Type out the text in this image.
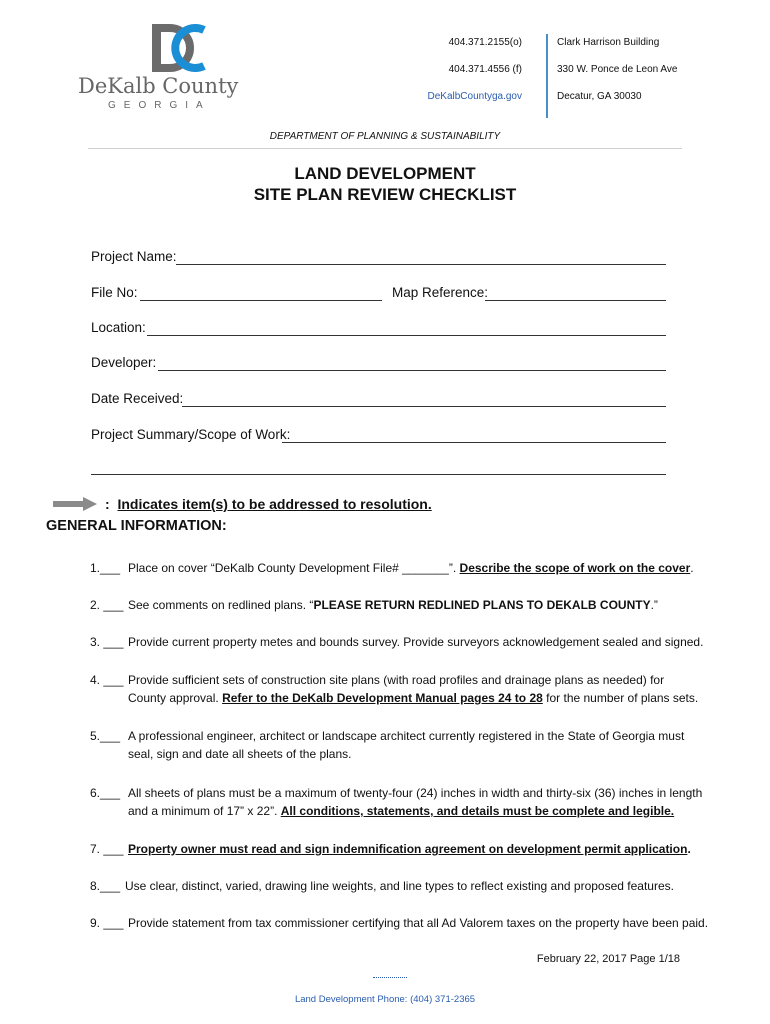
DeKalb County
GEORGIA
404.371.2155(o)
404.371.4556 (f)
DeKalbCountyga.gov
Clark Harrison Building
330 W. Ponce de Leon Ave
Decatur, GA 30030
DEPARTMENT OF PLANNING & SUSTAINABILITY
LAND DEVELOPMENT
SITE PLAN REVIEW CHECKLIST
Project Name:
File No:	Map Reference:
Location:
Developer:
Date Received:
Project Summary/Scope of Work:
: Indicates item(s) to be addressed to resolution.
GENERAL INFORMATION:
1.___ Place on cover “DeKalb County Development File# _______”. Describe the scope of work on the cover.
2. ___ See comments on redlined plans. “PLEASE RETURN REDLINED PLANS TO DEKALB COUNTY.”
3. ___ Provide current property metes and bounds survey. Provide surveyors acknowledgement sealed and signed.
4. ___ Provide sufficient sets of construction site plans (with road profiles and drainage plans as needed) for
County approval. Refer to the DeKalb Development Manual pages 24 to 28 for the number of plans sets.
5.___ A professional engineer, architect or landscape architect currently registered in the State of Georgia must
seal, sign and date all sheets of the plans.
6.___ All sheets of plans must be a maximum of twenty-four (24) inches in width and thirty-six (36) inches in length
and a minimum of 17” x 22”. All conditions, statements, and details must be complete and legible.
7. ___ Property owner must read and sign indemnification agreement on development permit application.
8.___ Use clear, distinct, varied, drawing line weights, and line types to reflect existing and proposed features.
9. ___ Provide statement from tax commissioner certifying that all Ad Valorem taxes on the property have been paid.
February 22, 2017 Page 1/18
Land Development Phone: (404) 371-2365
